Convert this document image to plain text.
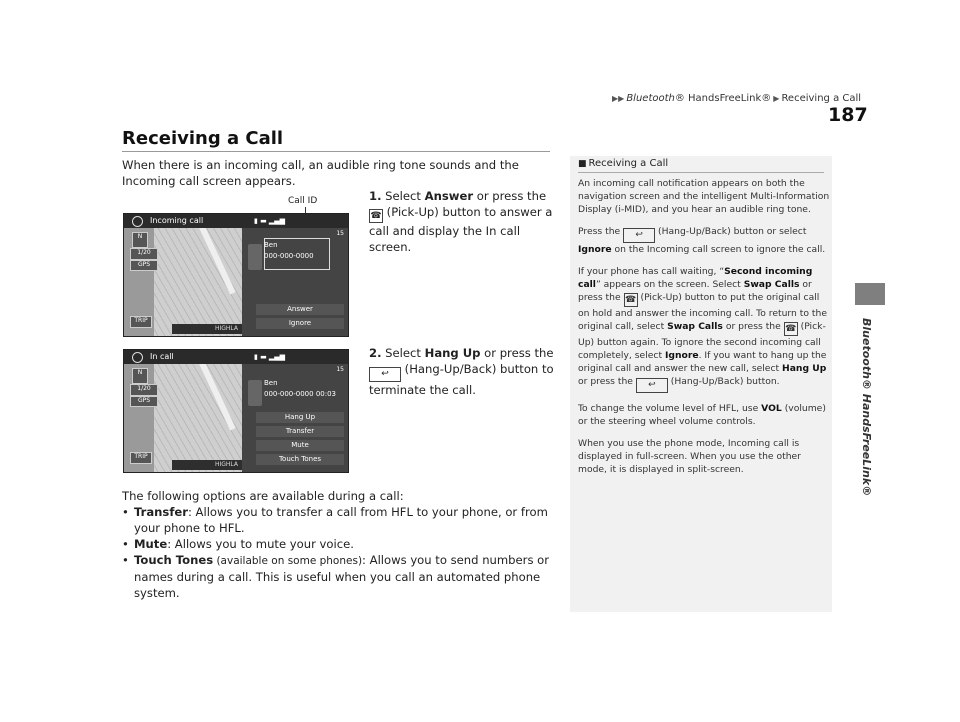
▶▶ Bluetooth® HandsFreeLink® ▶ Receiving a Call
187
Bluetooth® HandsFreeLink®
Receiving a Call
When there is an incoming call, an audible ring tone sounds and the Incoming call screen appears.
1. Select Answer or press the ☎ (Pick-Up) button to answer a call and display the In call screen.
2. Select Hang Up or press the ↩ (Hang-Up/Back) button to terminate the call.
Call ID
N
1/20
GPS
TRIP
HIGHLA
Incoming call	▮ ▬ ▂▄▆
Ben
000-000-0000
15
Answer
Ignore
N
1/20
GPS
TRIP
HIGHLA
In call	▮ ▬ ▂▄▆
Ben
000-000-0000 00:03
15
Hang Up
Transfer
Mute
Touch Tones
The following options are available during a call:
• Transfer: Allows you to transfer a call from HFL to your phone, or from your phone to HFL.
• Mute: Allows you to mute your voice.
• Touch Tones (available on some phones): Allows you to send numbers or names during a call. This is useful when you call an automated phone system.
■ Receiving a Call

An incoming call notification appears on both the navigation screen and the intelligent Multi-Information Display (i-MID), and you hear an audible ring tone.

Press the ↩ (Hang-Up/Back) button or select Ignore on the Incoming call screen to ignore the call.

If your phone has call waiting, “Second incoming call” appears on the screen. Select Swap Calls or press the ☎ (Pick-Up) button to put the original call on hold and answer the incoming call. To return to the original call, select Swap Calls or press the ☎ (Pick-Up) button again. To ignore the second incoming call completely, select Ignore. If you want to hang up the original call and answer the new call, select Hang Up or press the ↩ (Hang-Up/Back) button.

To change the volume level of HFL, use VOL (volume) or the steering wheel volume controls.

When you use the phone mode, Incoming call is displayed in full-screen. When you use the other mode, it is displayed in split-screen.
